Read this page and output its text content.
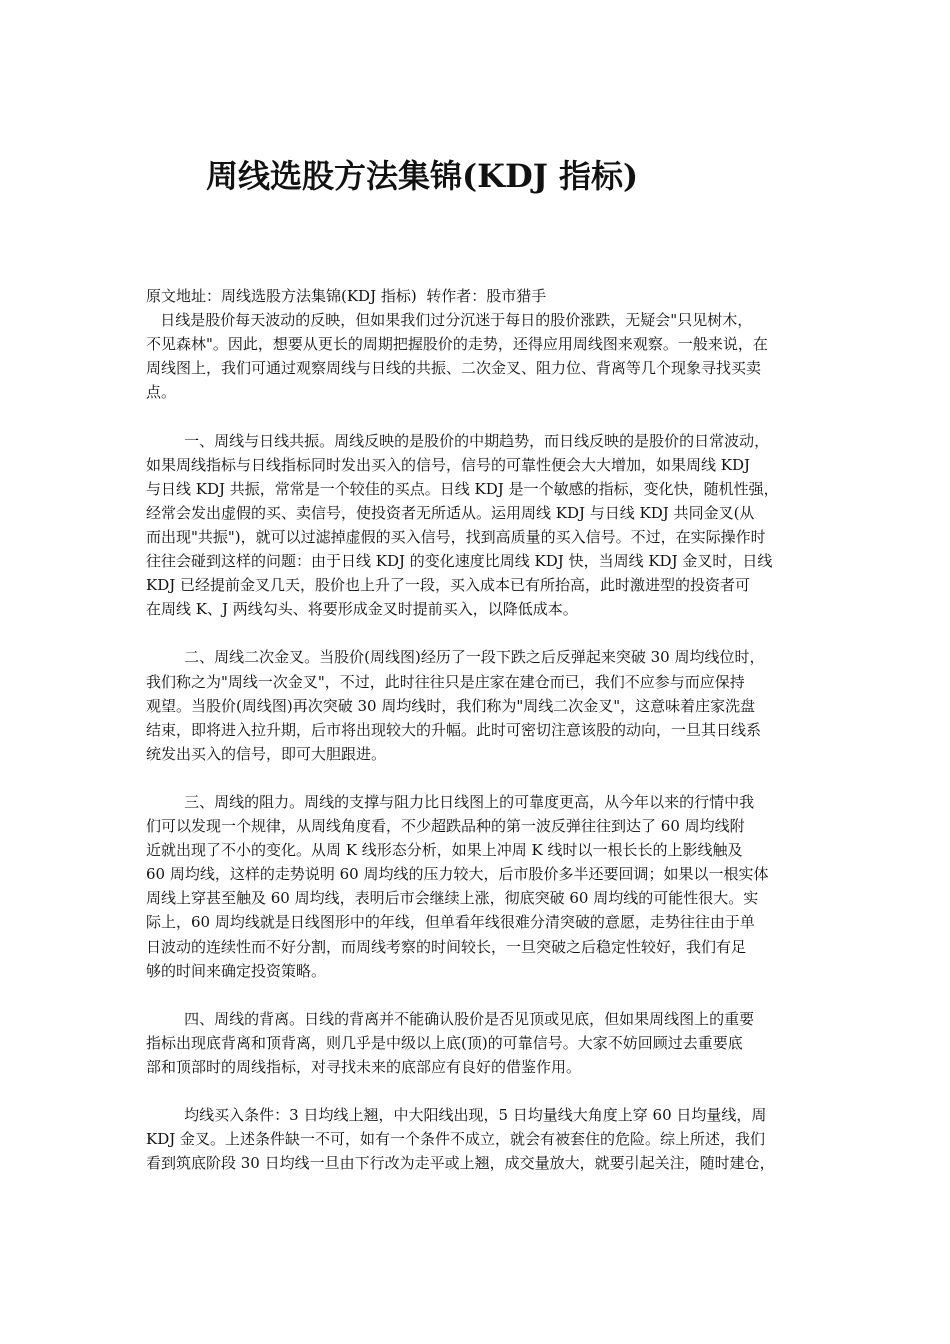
周线选股方法集锦(KDJ 指标)
原文地址：周线选股方法集锦(KDJ 指标)  转作者：股市猎手
日线是股价每天波动的反映，但如果我们过分沉迷于每日的股价涨跌，无疑会"只见树木，
不见森林"。因此，想要从更长的周期把握股价的走势，还得应用周线图来观察。一般来说，在
周线图上，我们可通过观察周线与日线的共振、二次金叉、阻力位、背离等几个现象寻找买卖
点。
一、周线与日线共振。周线反映的是股价的中期趋势，而日线反映的是股价的日常波动，
如果周线指标与日线指标同时发出买入的信号，信号的可靠性便会大大增加，如果周线 KDJ
与日线 KDJ 共振，常常是一个较佳的买点。日线 KDJ 是一个敏感的指标，变化快，随机性强，
经常会发出虚假的买、卖信号，使投资者无所适从。运用周线 KDJ 与日线 KDJ 共同金叉(从
而出现"共振")，就可以过滤掉虚假的买入信号，找到高质量的买入信号。不过，在实际操作时
往往会碰到这样的问题：由于日线 KDJ 的变化速度比周线 KDJ 快，当周线 KDJ 金叉时，日线
KDJ 已经提前金叉几天，股价也上升了一段，买入成本已有所抬高，此时激进型的投资者可
在周线 K、J 两线勾头、将要形成金叉时提前买入，以降低成本。
二、周线二次金叉。当股价(周线图)经历了一段下跌之后反弹起来突破 30 周均线位时，
我们称之为"周线一次金叉"，不过，此时往往只是庄家在建仓而已，我们不应参与而应保持
观望。当股价(周线图)再次突破 30 周均线时，我们称为"周线二次金叉"，这意味着庄家洗盘
结束，即将进入拉升期，后市将出现较大的升幅。此时可密切注意该股的动向，一旦其日线系
统发出买入的信号，即可大胆跟进。
三、周线的阻力。周线的支撑与阻力比日线图上的可靠度更高，从今年以来的行情中我
们可以发现一个规律，从周线角度看，不少超跌品种的第一波反弹往往到达了 60 周均线附
近就出现了不小的变化。从周 K 线形态分析，如果上冲周 K 线时以一根长长的上影线触及
60 周均线，这样的走势说明 60 周均线的压力较大，后市股价多半还要回调；如果以一根实体
周线上穿甚至触及 60 周均线，表明后市会继续上涨，彻底突破 60 周均线的可能性很大。实
际上，60 周均线就是日线图形中的年线，但单看年线很难分清突破的意愿，走势往往由于单
日波动的连续性而不好分割，而周线考察的时间较长，一旦突破之后稳定性较好，我们有足
够的时间来确定投资策略。
四、周线的背离。日线的背离并不能确认股价是否见顶或见底，但如果周线图上的重要
指标出现底背离和顶背离，则几乎是中级以上底(顶)的可靠信号。大家不妨回顾过去重要底
部和顶部时的周线指标，对寻找未来的底部应有良好的借鉴作用。
均线买入条件：3 日均线上翘，中大阳线出现，5 日均量线大角度上穿 60 日均量线，周
KDJ 金叉。上述条件缺一不可，如有一个条件不成立，就会有被套住的危险。综上所述，我们
看到筑底阶段 30 日均线一旦由下行改为走平或上翘，成交量放大，就要引起关注，随时建仓，
